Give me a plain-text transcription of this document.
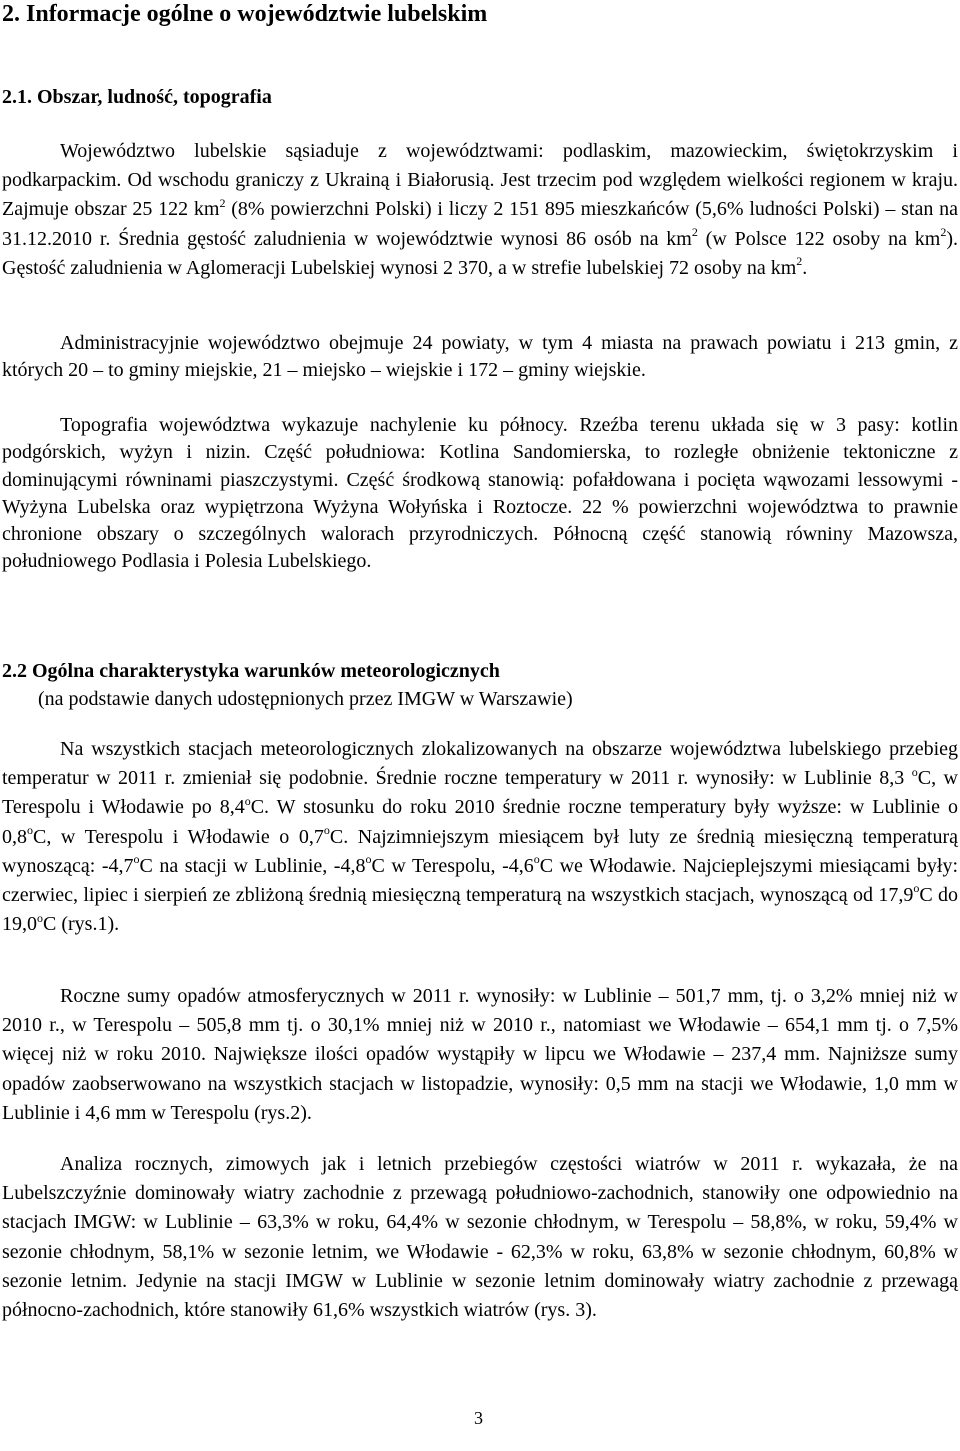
2. Informacje ogólne o województwie lubelskim
2.1. Obszar, ludność, topografia

Województwo lubelskie sąsiaduje z województwami: podlaskim, mazowieckim, świętokrzyskim i podkarpackim. Od wschodu graniczy z Ukrainą i Białorusią. Jest trzecim pod względem wielkości regionem w kraju. Zajmuje obszar 25 122 $km^2$ (8% powierzchni Polski) i liczy 2 151 895 mieszkańców (5,6% ludności Polski) – stan na 31.12.2010 r. Średnia gęstość zaludnienia w województwie wynosi 86 osób na $km^2$ (w Polsce 122 osoby na $km^2$). Gęstość zaludnienia w Aglomeracji Lubelskiej wynosi 2 370, a w strefie lubelskiej 72 osoby na $km^2$.

Administracyjnie województwo obejmuje 24 powiaty, w tym 4 miasta na prawach powiatu i 213 gmin, z których 20 – to gminy miejskie, 21 – miejsko – wiejskie i 172 – gminy wiejskie.

Topografia województwa wykazuje nachylenie ku północy. Rzeźba terenu układa się w 3 pasy: kotlin podgórskich, wyżyn i nizin. Część południowa: Kotlina Sandomierska, to rozległe obniżenie tektoniczne z dominującymi równinami piaszczystymi. Część środkową stanowią: pofałdowana i pocięta wąwozami lessowymi - Wyżyna Lubelska oraz wypiętrzona Wyżyna Wołyńska i Roztocze. 22 % powierzchni województwa to prawnie chronione obszary o szczególnych walorach przyrodniczych. Północną część stanowią równiny Mazowsza, południowego Podlasia i Polesia Lubelskiego.

2.2 Ogólna charakterystyka warunków meteorologicznych
(na podstawie danych udostępnionych przez IMGW w Warszawie)

Na wszystkich stacjach meteorologicznych zlokalizowanych na obszarze województwa lubelskiego przebieg temperatur w 2011 r. zmieniał się podobnie. Średnie roczne temperatury w 2011 r. wynosiły: w Lublinie 8,3 $^o$C, w Terespolu i Włodawie po 8,4$^o$C. W stosunku do roku 2010 średnie roczne temperatury były wyższe: w Lublinie o 0,8$^o$C, w Terespolu i Włodawie o 0,7$^o$C. Najzimniejszym miesiącem był luty ze średnią miesięczną temperaturą wynoszącą: -4,7$^o$C na stacji w Lublinie, -4,8$^o$C w Terespolu, -4,6$^o$C we Włodawie. Najcieplejszymi miesiącami były: czerwiec, lipiec i sierpień ze zbliżoną średnią miesięczną temperaturą na wszystkich stacjach, wynoszącą od 17,9$^o$C do 19,0$^o$C (rys.1).

Roczne sumy opadów atmosferycznych w 2011 r. wynosiły: w Lublinie – 501,7 mm, tj. o 3,2% mniej niż w 2010 r., w Terespolu – 505,8 mm tj. o 30,1% mniej niż w 2010 r., natomiast we Włodawie – 654,1 mm tj. o 7,5% więcej niż w roku 2010. Największe ilości opadów wystąpiły w lipcu we Włodawie – 237,4 mm. Najniższe sumy opadów zaobserwowano na wszystkich stacjach w listopadzie, wynosiły: 0,5 mm na stacji we Włodawie, 1,0 mm w Lublinie i 4,6 mm w Terespolu (rys.2).

Analiza rocznych, zimowych jak i letnich przebiegów częstości wiatrów w 2011 r. wykazała, że na Lubelszczyźnie dominowały wiatry zachodnie z przewagą południowo-zachodnich, stanowiły one odpowiednio na stacjach IMGW: w Lublinie – 63,3% w roku, 64,4% w sezonie chłodnym, w Terespolu – 58,8%, w roku, 59,4% w sezonie chłodnym, 58,1% w sezonie letnim, we Włodawie - 62,3% w roku, 63,8% w sezonie chłodnym, 60,8% w sezonie letnim. Jedynie na stacji IMGW w Lublinie w sezonie letnim dominowały wiatry zachodnie z przewagą północno-zachodnich, które stanowiły 61,6% wszystkich wiatrów (rys. 3).

3
